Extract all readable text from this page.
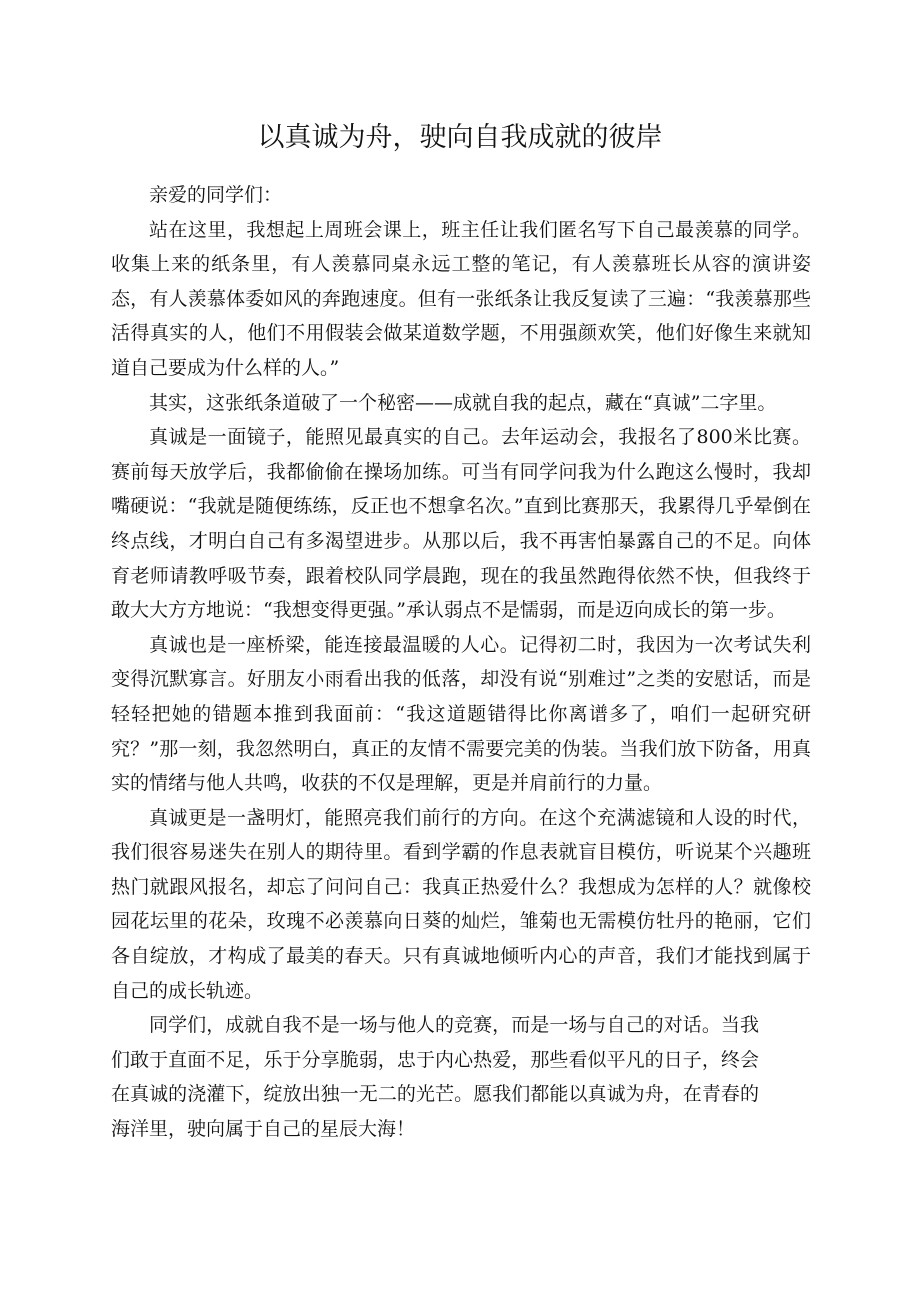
以真诚为舟，驶向自我成就的彼岸

亲爱的同学们：

站在这里，我想起上周班会课上，班主任让我们匿名写下自己最羡慕的同学。收集上来的纸条里，有人羡慕同桌永远工整的笔记，有人羡慕班长从容的演讲姿态，有人羡慕体委如风的奔跑速度。但有一张纸条让我反复读了三遍：“我羡慕那些活得真实的人，他们不用假装会做某道数学题，不用强颜欢笑，他们好像生来就知道自己要成为什么样的人。”

其实，这张纸条道破了一个秘密——成就自我的起点，藏在“真诚”二字里。

真诚是一面镜子，能照见最真实的自己。去年运动会，我报名了800米比赛。赛前每天放学后，我都偷偷在操场加练。可当有同学问我为什么跑这么慢时，我却嘴硬说：“我就是随便练练，反正也不想拿名次。”直到比赛那天，我累得几乎晕倒在终点线，才明白自己有多渴望进步。从那以后，我不再害怕暴露自己的不足。向体育老师请教呼吸节奏，跟着校队同学晨跑，现在的我虽然跑得依然不快，但我终于敢大大方方地说：“我想变得更强。”承认弱点不是懦弱，而是迈向成长的第一步。

真诚也是一座桥梁，能连接最温暖的人心。记得初二时，我因为一次考试失利变得沉默寡言。好朋友小雨看出我的低落，却没有说“别难过”之类的安慰话，而是轻轻把她的错题本推到我面前：“我这道题错得比你离谱多了，咱们一起研究研究？”那一刻，我忽然明白，真正的友情不需要完美的伪装。当我们放下防备，用真实的情绪与他人共鸣，收获的不仅是理解，更是并肩前行的力量。

真诚更是一盏明灯，能照亮我们前行的方向。在这个充满滤镜和人设的时代，我们很容易迷失在别人的期待里。看到学霸的作息表就盲目模仿，听说某个兴趣班热门就跟风报名，却忘了问问自己：我真正热爱什么？我想成为怎样的人？就像校园花坛里的花朵，玫瑰不必羡慕向日葵的灿烂，雏菊也无需模仿牡丹的艳丽，它们各自绽放，才构成了最美的春天。只有真诚地倾听内心的声音，我们才能找到属于自己的成长轨迹。

同学们，成就自我不是一场与他人的竞赛，而是一场与自己的对话。当我们敢于直面不足，乐于分享脆弱，忠于内心热爱，那些看似平凡的日子，终会在真诚的浇灌下，绽放出独一无二的光芒。愿我们都能以真诚为舟，在青春的海洋里，驶向属于自己的星辰大海！
